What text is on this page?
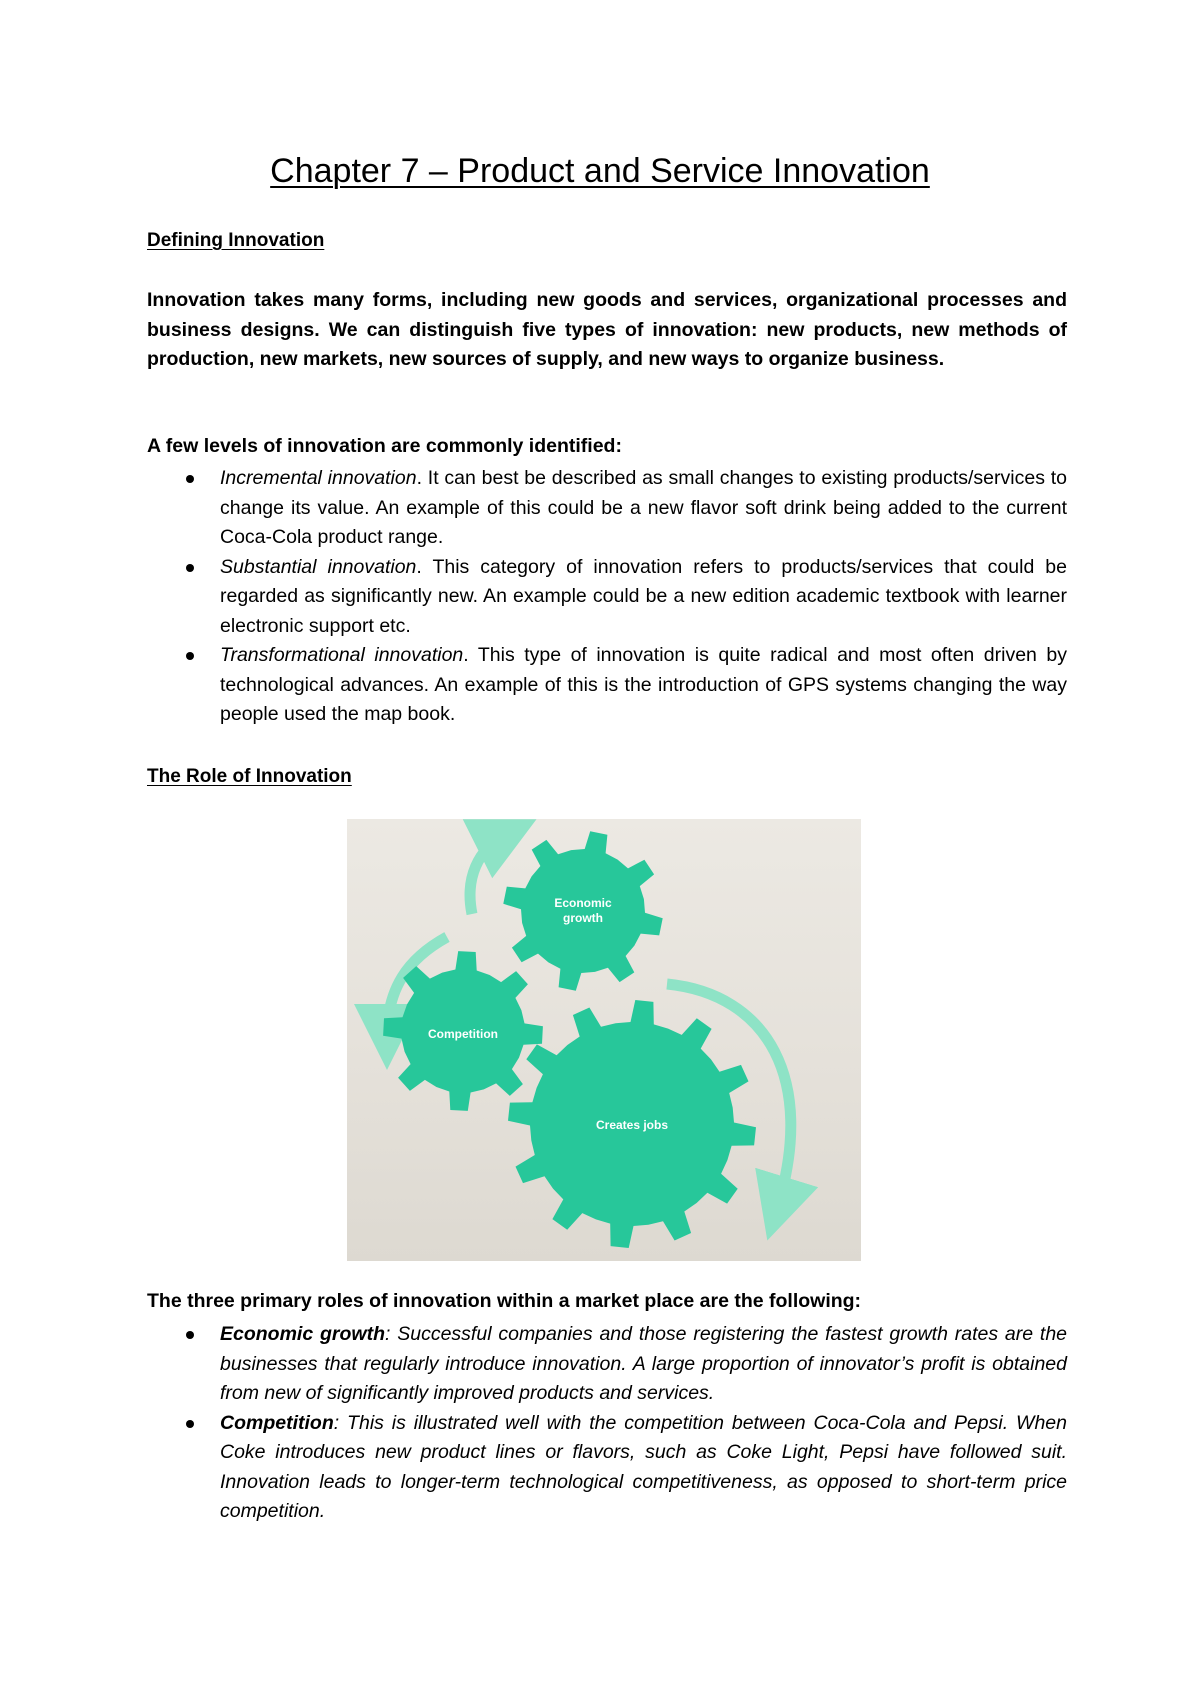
Chapter 7 – Product and Service Innovation
Defining Innovation

Innovation takes many forms, including new goods and services, organizational processes and business designs. We can distinguish five types of innovation: new products, new methods of production, new markets, new sources of supply, and new ways to organize business.

A few levels of innovation are commonly identified:

Incremental innovation. It can best be described as small changes to existing products/services to change its value. An example of this could be a new flavor soft drink being added to the current Coca-Cola product range.
Substantial innovation. This category of innovation refers to products/services that could be regarded as significantly new. An example could be a new edition academic textbook with learner electronic support etc.
Transformational innovation. This type of innovation is quite radical and most often driven by technological advances. An example of this is the introduction of GPS systems changing the way people used the map book.
The Role of Innovation
Economic
growth
Competition
Creates jobs

The three primary roles of innovation within a market place are the following:

Economic growth: Successful companies and those registering the fastest growth rates are the businesses that regularly introduce innovation. A large proportion of innovator’s profit is obtained from new of significantly improved products and services.
Competition: This is illustrated well with the competition between Coca-Cola and Pepsi. When Coke introduces new product lines or flavors, such as Coke Light, Pepsi have followed suit. Innovation leads to longer-term technological competitiveness, as opposed to short-term price competition.
